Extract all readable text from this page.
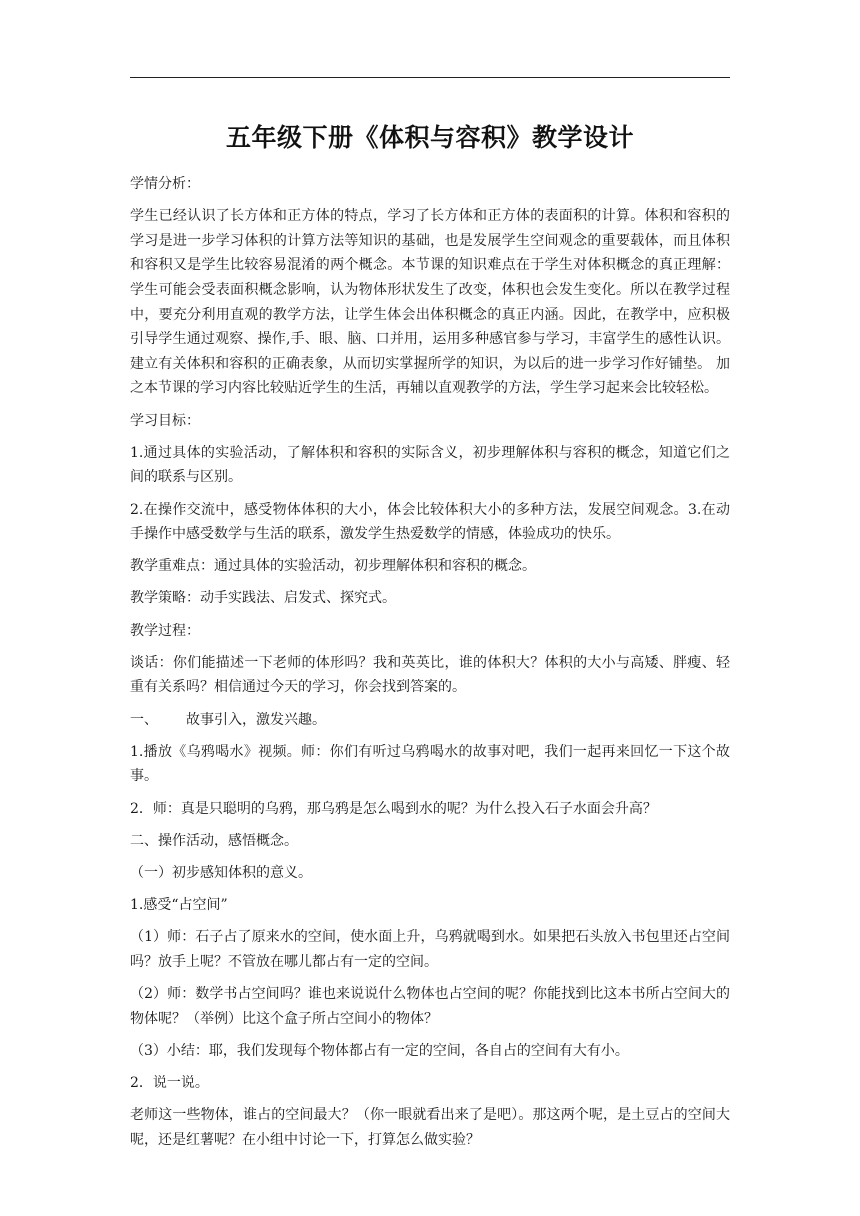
五年级下册《体积与容积》教学设计

学情分析：

学生已经认识了长方体和正方体的特点，学习了长方体和正方体的表面积的计算。体积和容积的学习是进一步学习体积的计算方法等知识的基础，也是发展学生空间观念的重要载体，而且体积和容积又是学生比较容易混淆的两个概念。本节课的知识难点在于学生对体积概念的真正理解：学生可能会受表面积概念影响，认为物体形状发生了改变，体积也会发生变化。所以在教学过程中，要充分利用直观的教学方法，让学生体会出体积概念的真正内涵。因此，在教学中，应积极引导学生通过观察、操作,手、眼、脑、口并用，运用多种感官参与学习，丰富学生的感性认识。建立有关体积和容积的正确表象，从而切实掌握所学的知识，为以后的进一步学习作好铺垫。 加之本节课的学习内容比较贴近学生的生活，再辅以直观教学的方法，学生学习起来会比较轻松。

学习目标：

1.通过具体的实验活动，了解体积和容积的实际含义，初步理解体积与容积的概念，知道它们之间的联系与区别。

2.在操作交流中，感受物体体积的大小，体会比较体积大小的多种方法，发展空间观念。3.在动手操作中感受数学与生活的联系，激发学生热爱数学的情感，体验成功的快乐。

教学重难点：通过具体的实验活动，初步理解体积和容积的概念。

教学策略：动手实践法、启发式、探究式。

教学过程：

谈话：你们能描述一下老师的体形吗？我和英英比，谁的体积大？体积的大小与高矮、胖瘦、轻重有关系吗？相信通过今天的学习，你会找到答案的。

一、 故事引入，激发兴趣。

1.播放《乌鸦喝水》视频。师：你们有听过乌鸦喝水的故事对吧，我们一起再来回忆一下这个故事。

2．师：真是只聪明的乌鸦，那乌鸦是怎么喝到水的呢？为什么投入石子水面会升高？

二、操作活动，感悟概念。

（一）初步感知体积的意义。

1.感受“占空间”

（1）师：石子占了原来水的空间，使水面上升，乌鸦就喝到水。如果把石头放入书包里还占空间吗？放手上呢？不管放在哪儿都占有一定的空间。

（2）师：数学书占空间吗？谁也来说说什么物体也占空间的呢？你能找到比这本书所占空间大的物体呢？（举例）比这个盒子所占空间小的物体？

（3）小结：耶，我们发现每个物体都占有一定的空间，各自占的空间有大有小。

2．说一说。

老师这一些物体，谁占的空间最大？（你一眼就看出来了是吧）。那这两个呢，是土豆占的空间大呢，还是红薯呢？在小组中讨论一下，打算怎么做实验？
